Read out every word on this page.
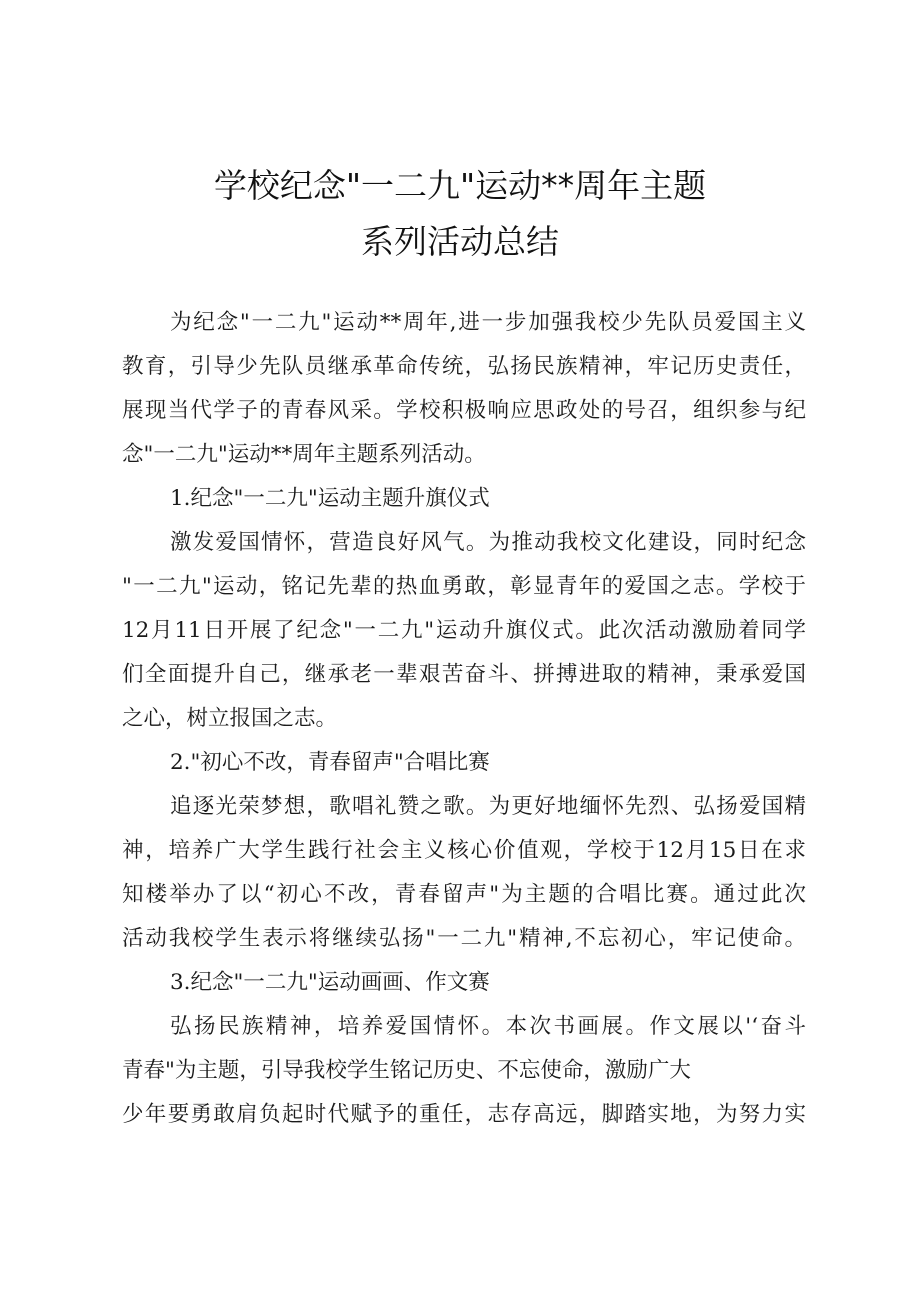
学校纪念"一二九"运动**周年主题
系列活动总结
为纪念"一二九"运动**周年,进一步加强我校少先队员爱国主义
教育，引导少先队员继承革命传统，弘扬民族精神，牢记历史责任，
展现当代学子的青春风采。学校积极响应思政处的号召，组织参与纪
念"一二九"运动**周年主题系列活动。
1.纪念"一二九"运动主题升旗仪式
激发爱国情怀，营造良好风气。为推动我校文化建设，同时纪念
"一二九"运动，铭记先辈的热血勇敢，彰显青年的爱国之志。学校于
12月11日开展了纪念"一二九"运动升旗仪式。此次活动激励着同学
们全面提升自己，继承老一辈艰苦奋斗、拼搏进取的精神，秉承爱国
之心，树立报国之志。
2."初心不改，青春留声"合唱比赛
追逐光荣梦想，歌唱礼赞之歌。为更好地缅怀先烈、弘扬爱国精
神，培养广大学生践行社会主义核心价值观，学校于12月15日在求
知楼举办了以“初心不改，青春留声"为主题的合唱比赛。通过此次
活动我校学生表示将继续弘扬"一二九"精神,不忘初心，牢记使命。
3.纪念"一二九"运动画画、作文赛
弘扬民族精神，培养爱国情怀。本次书画展。作文展以'‘奋斗
青春"为主题，引导我校学生铭记历史、不忘使命，激励广大
少年要勇敢肩负起时代赋予的重任，志存高远，脚踏实地，为努力实
